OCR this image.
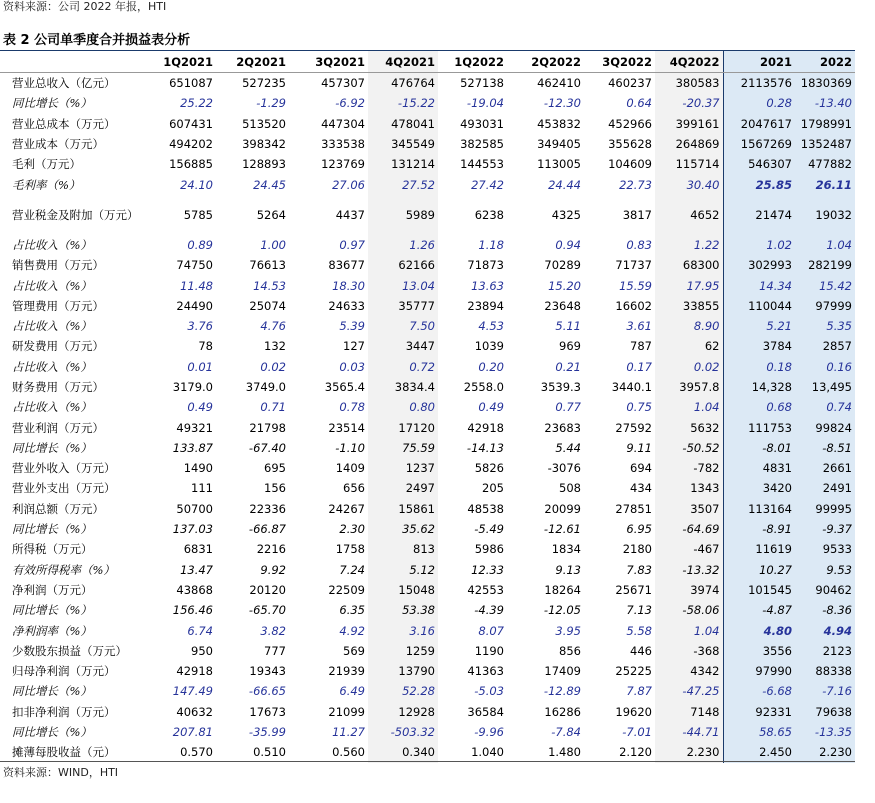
资料来源：公司 2022 年报，HTI
表 2 公司单季度合并损益表分析
	1Q2021	2Q2021	3Q2021	4Q2021	1Q2022	2Q2022	3Q2022	4Q2022	2021	2022
营业总收入（亿元）	651087	527235	457307	476764	527138	462410	460237	380583	2113576	1830369
同比增长（%）	25.22	-1.29	-6.92	-15.22	-19.04	-12.30	0.64	-20.37	0.28	-13.40
营业总成本（万元）	607431	513520	447304	478041	493031	453832	452966	399161	2047617	1798991
营业成本（万元）	494202	398342	333538	345549	382585	349405	355628	264869	1567269	1352487
毛利（万元）	156885	128893	123769	131214	144553	113005	104609	115714	546307	477882
毛利率（%）	24.10	24.45	27.06	27.52	27.42	24.44	22.73	30.40	25.85	26.11
营业税金及附加（万元）	5785	5264	4437	5989	6238	4325	3817	4652	21474	19032
占比收入（%）	0.89	1.00	0.97	1.26	1.18	0.94	0.83	1.22	1.02	1.04
销售费用（万元）	74750	76613	83677	62166	71873	70289	71737	68300	302993	282199
占比收入（%）	11.48	14.53	18.30	13.04	13.63	15.20	15.59	17.95	14.34	15.42
管理费用（万元）	24490	25074	24633	35777	23894	23648	16602	33855	110044	97999
占比收入（%）	3.76	4.76	5.39	7.50	4.53	5.11	3.61	8.90	5.21	5.35
研发费用（万元）	78	132	127	3447	1039	969	787	62	3784	2857
占比收入（%）	0.01	0.02	0.03	0.72	0.20	0.21	0.17	0.02	0.18	0.16
财务费用（万元）	3179.0	3749.0	3565.4	3834.4	2558.0	3539.3	3440.1	3957.8	14,328	13,495
占比收入（%）	0.49	0.71	0.78	0.80	0.49	0.77	0.75	1.04	0.68	0.74
营业利润（万元）	49321	21798	23514	17120	42918	23683	27592	5632	111753	99824
同比增长（%）	133.87	-67.40	-1.10	75.59	-14.13	5.44	9.11	-50.52	-8.01	-8.51
营业外收入（万元）	1490	695	1409	1237	5826	-3076	694	-782	4831	2661
营业外支出（万元）	111	156	656	2497	205	508	434	1343	3420	2491
利润总额（万元）	50700	22336	24267	15861	48538	20099	27851	3507	113164	99995
同比增长（%）	137.03	-66.87	2.30	35.62	-5.49	-12.61	6.95	-64.69	-8.91	-9.37
所得税（万元）	6831	2216	1758	813	5986	1834	2180	-467	11619	9533
有效所得税率（%）	13.47	9.92	7.24	5.12	12.33	9.13	7.83	-13.32	10.27	9.53
净利润（万元）	43868	20120	22509	15048	42553	18264	25671	3974	101545	90462
同比增长（%）	156.46	-65.70	6.35	53.38	-4.39	-12.05	7.13	-58.06	-4.87	-8.36
净利润率（%）	6.74	3.82	4.92	3.16	8.07	3.95	5.58	1.04	4.80	4.94
少数股东损益（万元）	950	777	569	1259	1190	856	446	-368	3556	2123
归母净利润（万元）	42918	19343	21939	13790	41363	17409	25225	4342	97990	88338
同比增长（%）	147.49	-66.65	6.49	52.28	-5.03	-12.89	7.87	-47.25	-6.68	-7.16
扣非净利润（万元）	40632	17673	21099	12928	36584	16286	19620	7148	92331	79638
同比增长（%）	207.81	-35.99	11.27	-503.32	-9.96	-7.84	-7.01	-44.71	58.65	-13.35
摊薄每股收益（元）	0.570	0.510	0.560	0.340	1.040	1.480	2.120	2.230	2.450	2.230
资料来源：WIND，HTI
